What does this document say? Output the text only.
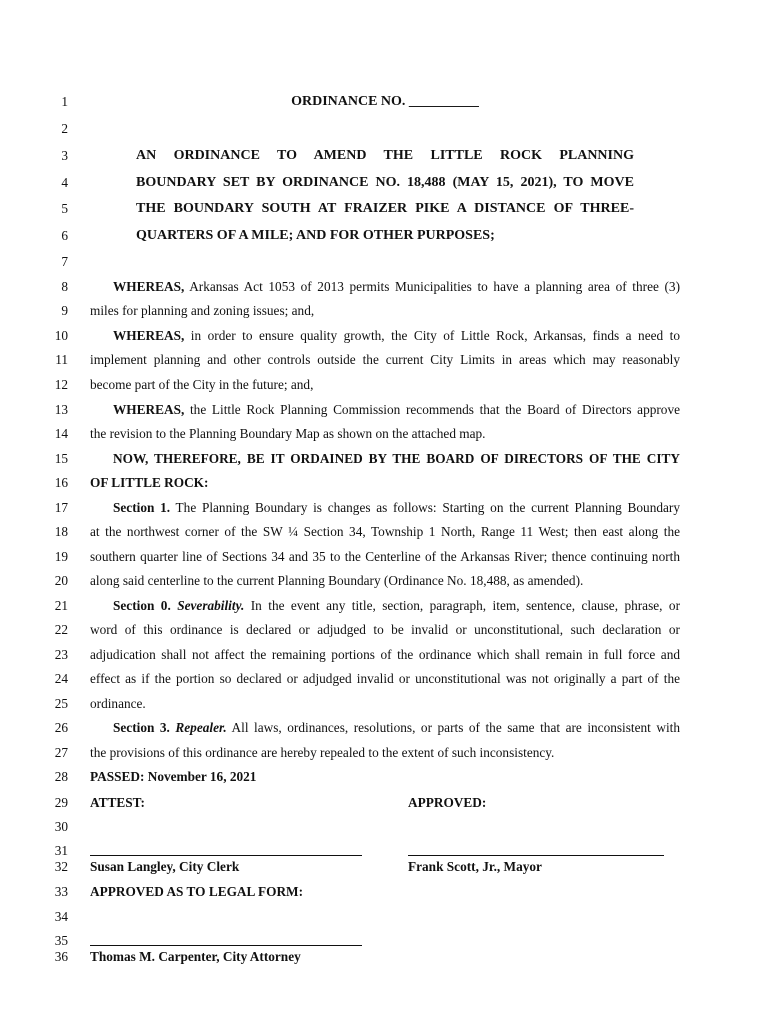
1
2
3
4
5
6
7
8
9
10
11
12
13
14
15
16
17
18
19
20
21
22
23
24
25
26
27
28
29
30
31
32
33
34
35
36
ORDINANCE NO. __________
AN ORDINANCE TO AMEND THE LITTLE ROCK PLANNING
BOUNDARY SET BY ORDINANCE NO. 18,488 (MAY 15, 2021), TO MOVE
THE BOUNDARY SOUTH AT FRAIZER PIKE A DISTANCE OF THREE-
QUARTERS OF A MILE; AND FOR OTHER PURPOSES;
WHEREAS, Arkansas Act 1053 of 2013 permits Municipalities to have a planning area of three (3)
miles for planning and zoning issues; and,
WHEREAS, in order to ensure quality growth, the City of Little Rock, Arkansas, finds a need to
implement planning and other controls outside the current City Limits in areas which may reasonably
become part of the City in the future; and,
WHEREAS, the Little Rock Planning Commission recommends that the Board of Directors approve
the revision to the Planning Boundary Map as shown on the attached map.
NOW, THEREFORE, BE IT ORDAINED BY THE BOARD OF DIRECTORS OF THE CITY
OF LITTLE ROCK:
Section 1. The Planning Boundary is changes as follows: Starting on the current Planning Boundary
at the northwest corner of the SW ¼ Section 34, Township 1 North, Range 11 West; then east along the
southern quarter line of Sections 34 and 35 to the Centerline of the Arkansas River; thence continuing north
along said centerline to the current Planning Boundary (Ordinance No. 18,488, as amended).
Section 0. Severability. In the event any title, section, paragraph, item, sentence, clause, phrase, or
word of this ordinance is declared or adjudged to be invalid or unconstitutional, such declaration or
adjudication shall not affect the remaining portions of the ordinance which shall remain in full force and
effect as if the portion so declared or adjudged invalid or unconstitutional was not originally a part of the
ordinance.
Section 3. Repealer. All laws, ordinances, resolutions, or parts of the same that are inconsistent with
the provisions of this ordinance are hereby repealed to the extent of such inconsistency.
PASSED: November 16, 2021
ATTEST:	APPROVED:
Susan Langley, City Clerk	Frank Scott, Jr., Mayor
APPROVED AS TO LEGAL FORM:
Thomas M. Carpenter, City Attorney
